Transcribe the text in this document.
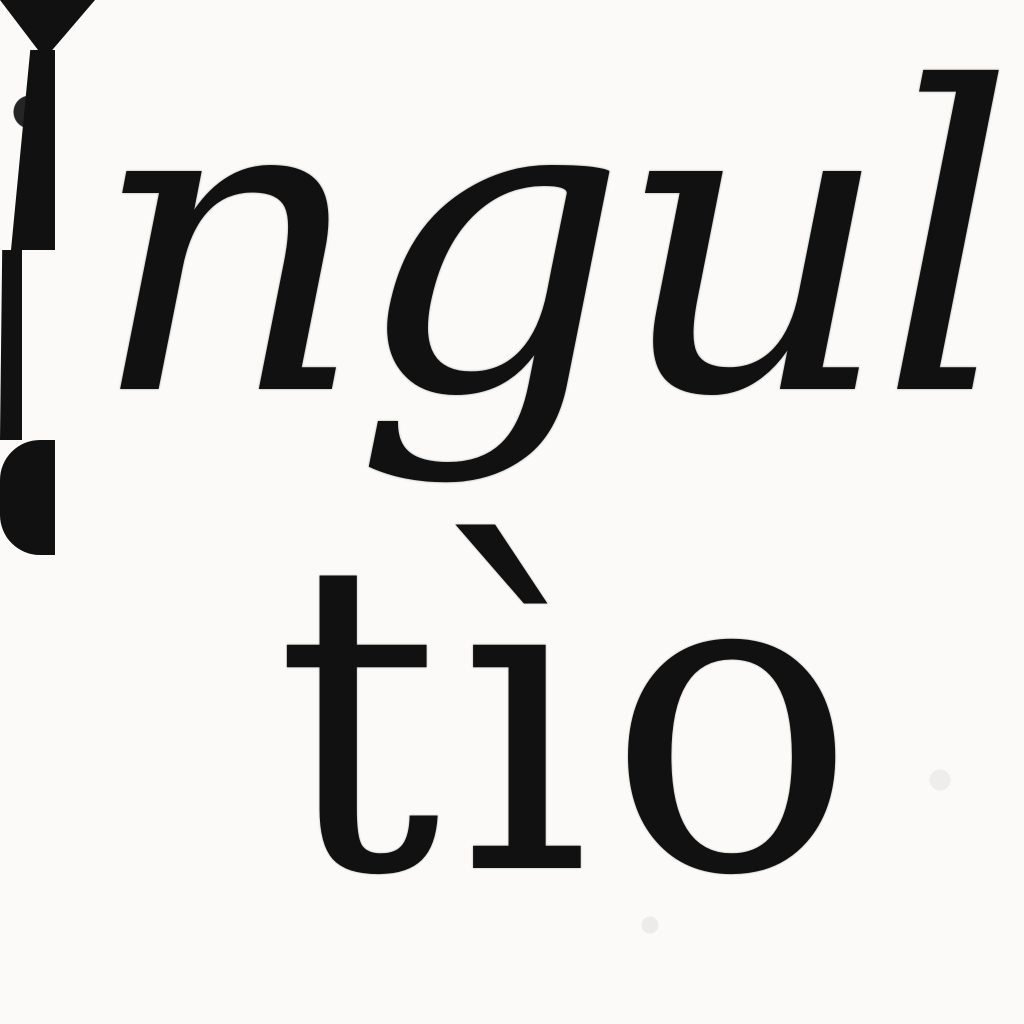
ngul
tìo
